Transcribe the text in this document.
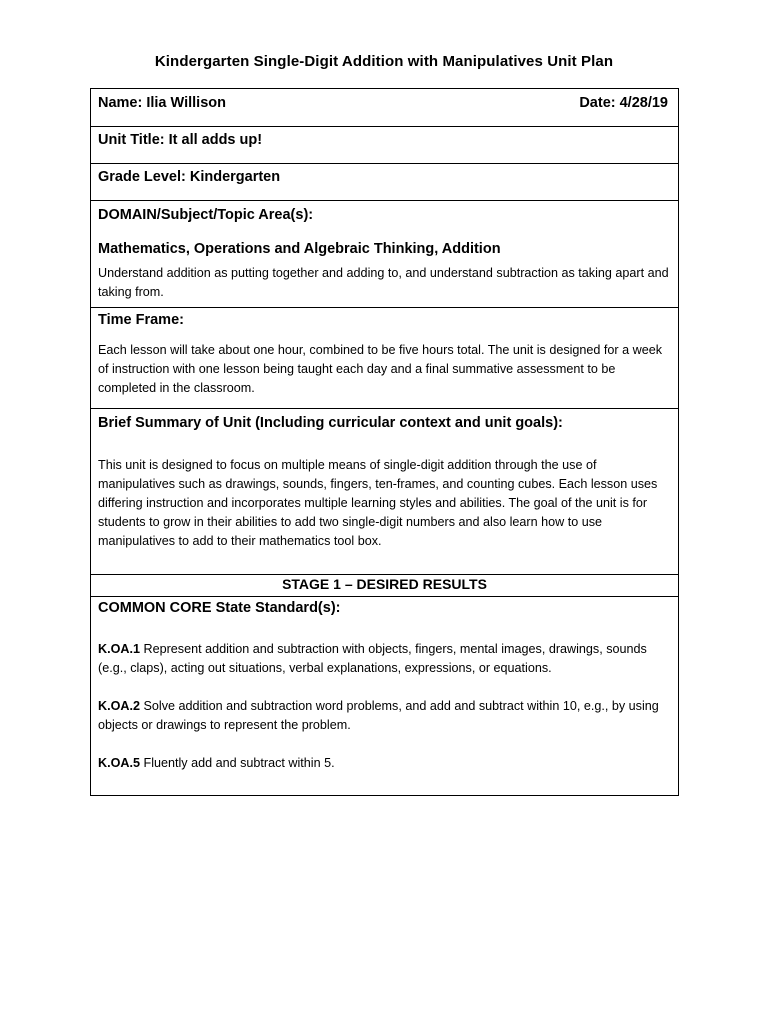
Kindergarten Single-Digit Addition with Manipulatives Unit Plan
Name: Ilia Willison	Date: 4/28/19
Unit Title: It all adds up!
Grade Level: Kindergarten
DOMAIN/Subject/Topic Area(s):
Mathematics, Operations and Algebraic Thinking, Addition
Understand addition as putting together and adding to, and understand subtraction as taking apart and taking from.
Time Frame:
Each lesson will take about one hour, combined to be five hours total. The unit is designed for a week of instruction with one lesson being taught each day and a final summative assessment to be completed in the classroom.
Brief Summary of Unit (Including curricular context and unit goals):
This unit is designed to focus on multiple means of single-digit addition through the use of manipulatives such as drawings, sounds, fingers, ten-frames, and counting cubes. Each lesson uses differing instruction and incorporates multiple learning styles and abilities. The goal of the unit is for students to grow in their abilities to add two single-digit numbers and also learn how to use manipulatives to add to their mathematics tool box.
STAGE 1 – DESIRED RESULTS
COMMON CORE State Standard(s):
K.OA.1 Represent addition and subtraction with objects, fingers, mental images, drawings, sounds (e.g., claps), acting out situations, verbal explanations, expressions, or equations.
K.OA.2 Solve addition and subtraction word problems, and add and subtract within 10, e.g., by using objects or drawings to represent the problem.
K.OA.5 Fluently add and subtract within 5.
